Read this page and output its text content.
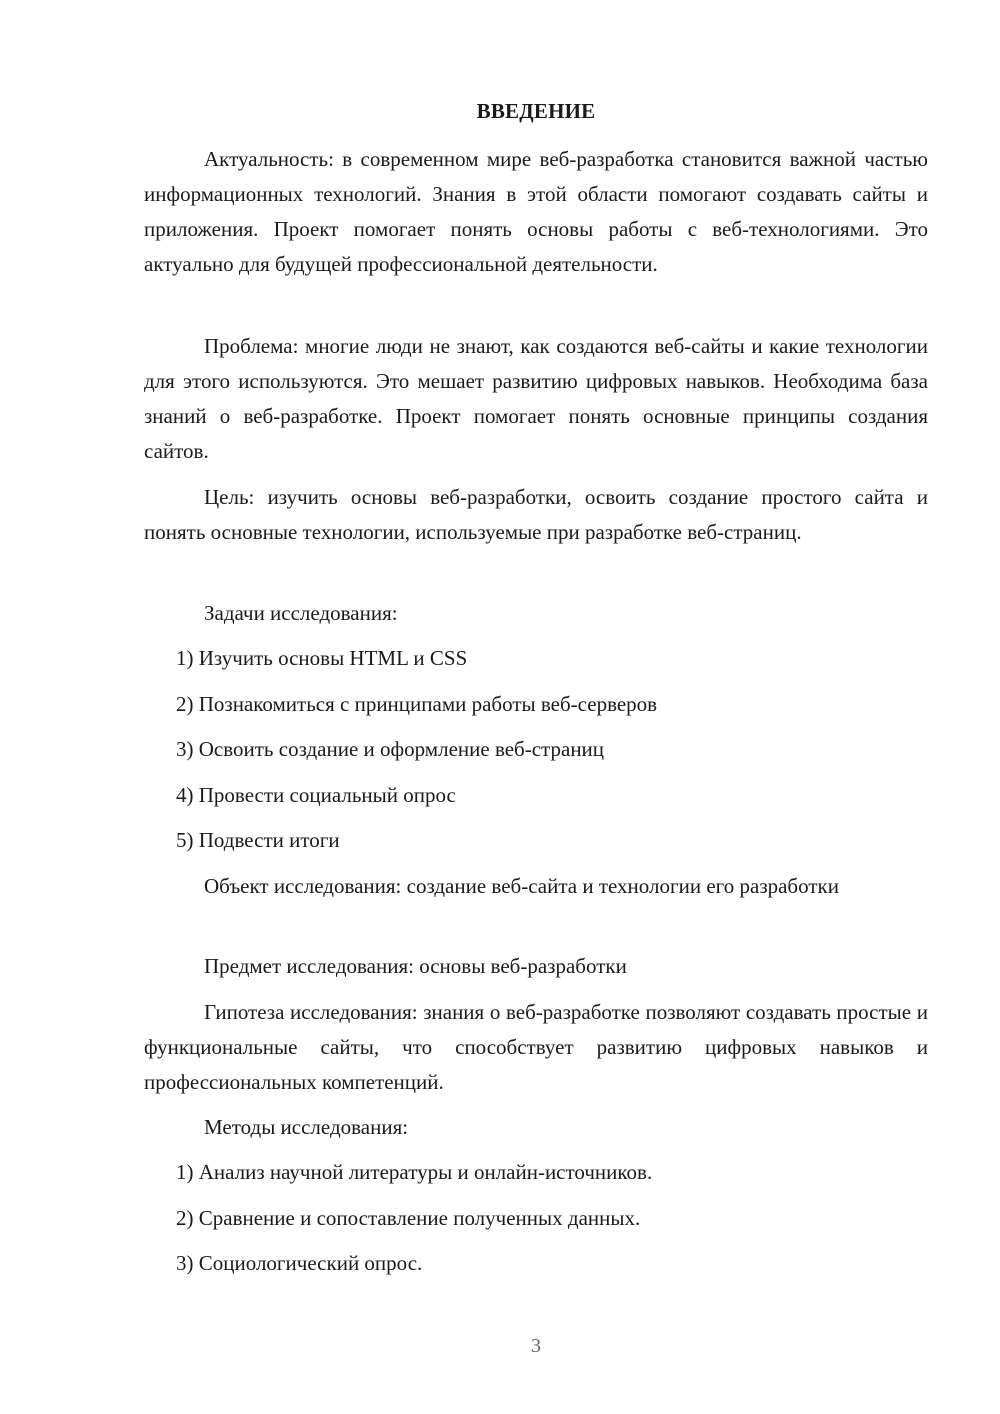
ВВЕДЕНИЕ

Актуальность: в современном мире веб-разработка становится важной частью информационных технологий. Знания в этой области помогают создавать сайты и приложения. Проект помогает понять основы работы с веб-технологиями. Это актуально для будущей профессиональной деятельности.

Проблема: многие люди не знают, как создаются веб-сайты и какие технологии для этого используются. Это мешает развитию цифровых навыков. Необходима база знаний о веб-разработке. Проект помогает понять основные принципы создания сайтов.

Цель: изучить основы веб-разработки, освоить создание простого сайта и понять основные технологии, используемые при разработке веб-страниц.

Задачи исследования:
1) Изучить основы HTML и CSS
2) Познакомиться с принципами работы веб-серверов
3) Освоить создание и оформление веб-страниц
4) Провести социальный опрос
5) Подвести итоги

Объект исследования: создание веб-сайта и технологии его разработки

Предмет исследования: основы веб-разработки

Гипотеза исследования: знания о веб-разработке позволяют создавать простые и функциональные сайты, что способствует развитию цифровых навыков и профессиональных компетенций.

Методы исследования:
1) Анализ научной литературы и онлайн-источников.
2) Сравнение и сопоставление полученных данных.
3) Социологический опрос.
3
